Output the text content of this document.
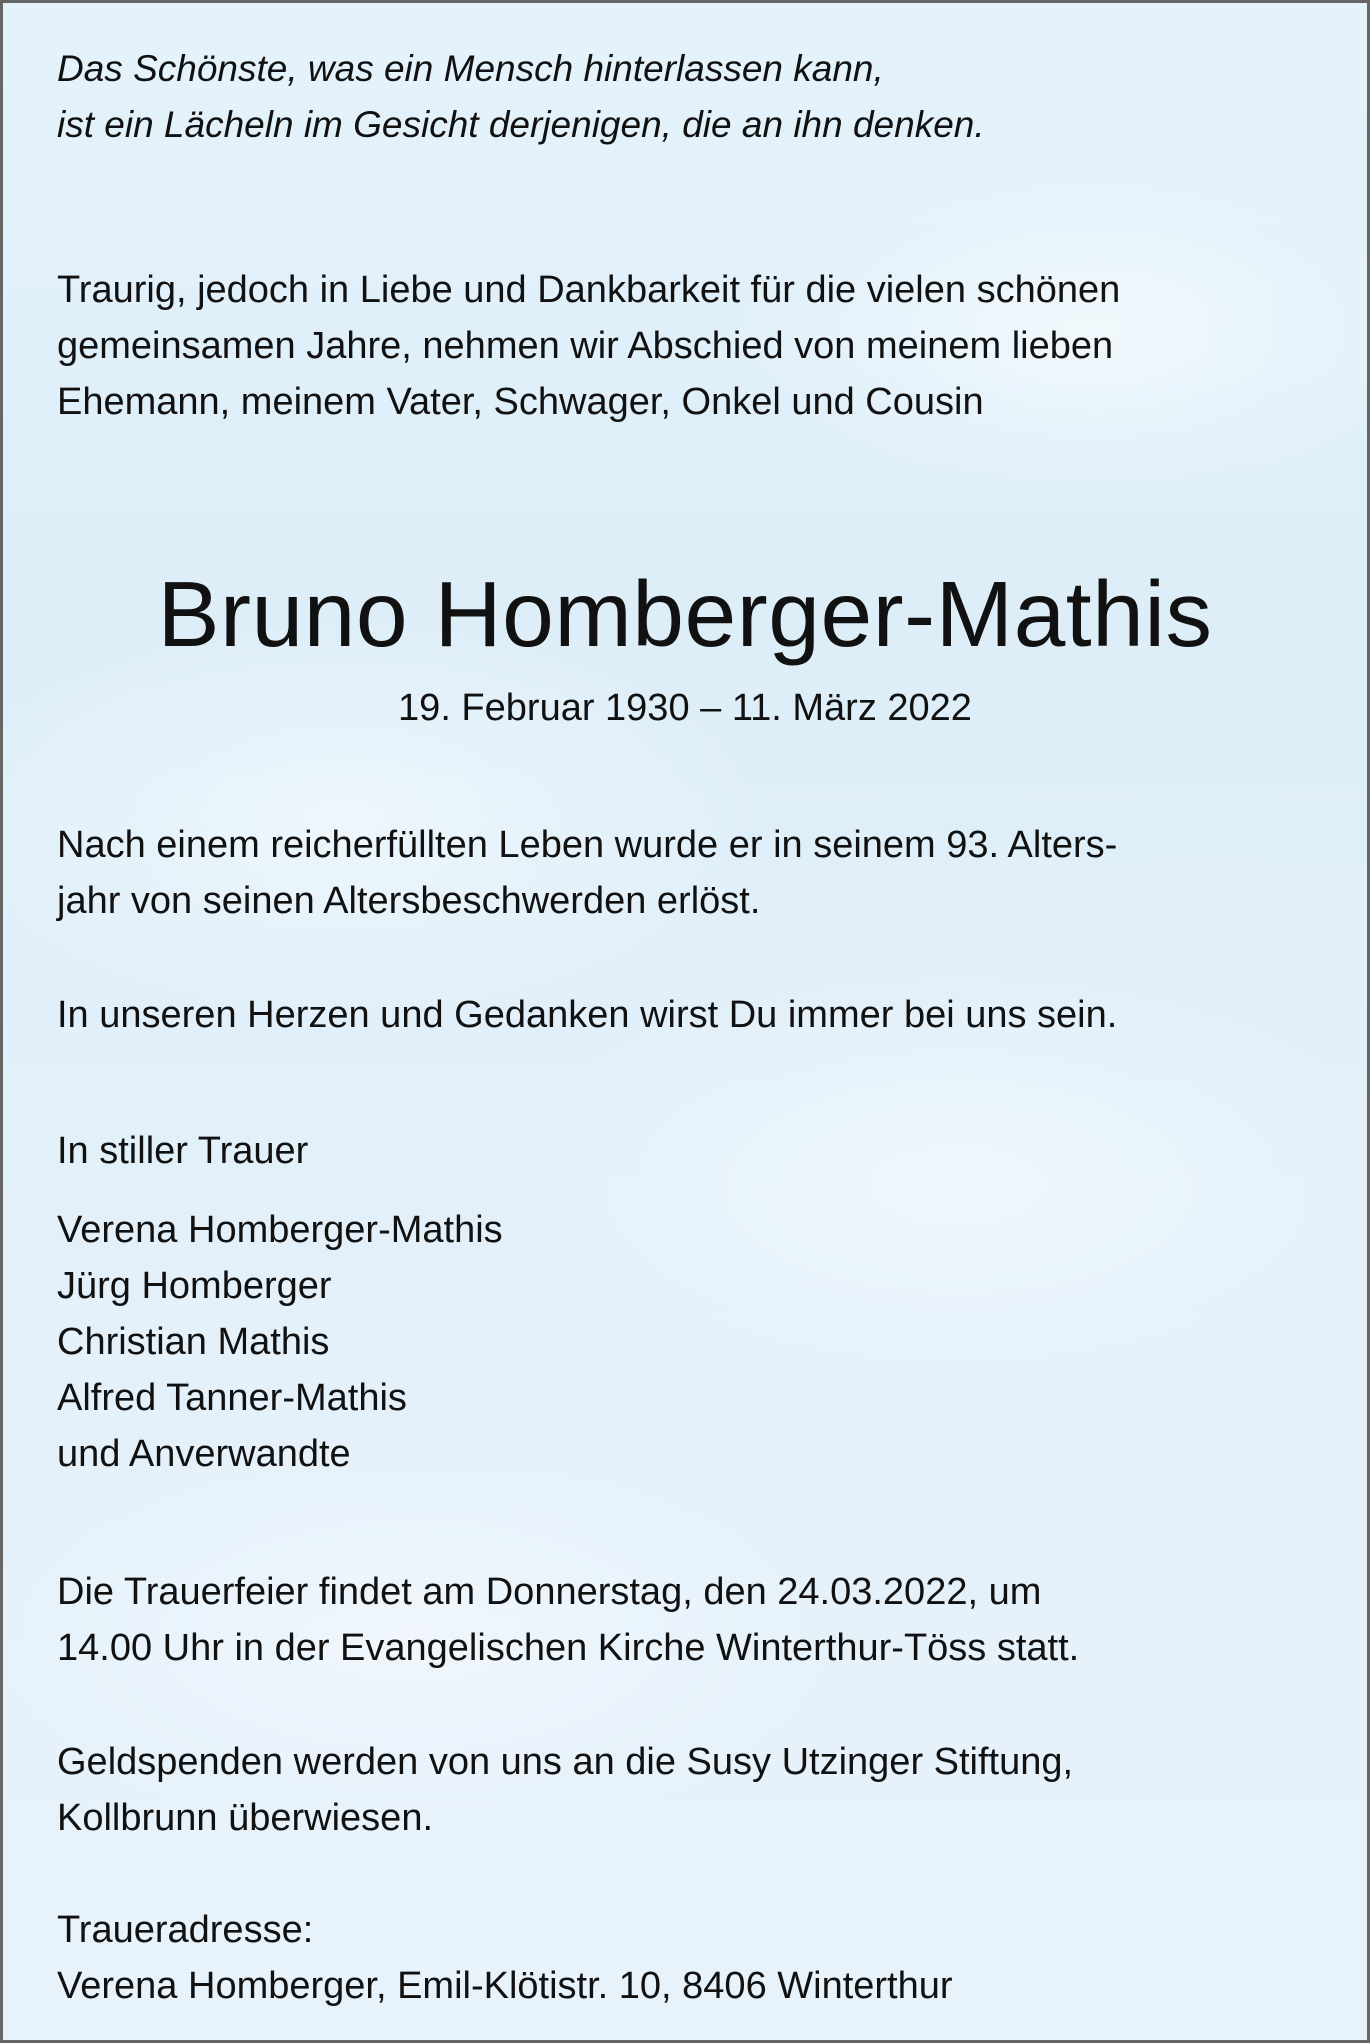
Das Schönste, was ein Mensch hinterlassen kann,

ist ein Lächeln im Gesicht derjenigen, die an ihn denken.

Traurig, jedoch in Liebe und Dankbarkeit für die vielen schönen

gemeinsamen Jahre, nehmen wir Abschied von meinem lieben

Ehemann, meinem Vater, Schwager, Onkel und Cousin

Bruno Homberger-Mathis
19. Februar 1930 – 11. März 2022

Nach einem reicherfüllten Leben wurde er in seinem 93. Alters-

jahr von seinen Altersbeschwerden erlöst.

In unseren Herzen und Gedanken wirst Du immer bei uns sein.
In stiller Trauer

Verena Homberger-Mathis

Jürg Homberger

Christian Mathis

Alfred Tanner-Mathis

und Anverwandte

Die Trauerfeier findet am Donnerstag, den 24.03.2022, um

14.00 Uhr in der Evangelischen Kirche Winterthur-Töss statt.

Geldspenden werden von uns an die Susy Utzinger Stiftung,

Kollbrunn überwiesen.

Traueradresse:

Verena Homberger, Emil-Klötistr. 10, 8406 Winterthur
